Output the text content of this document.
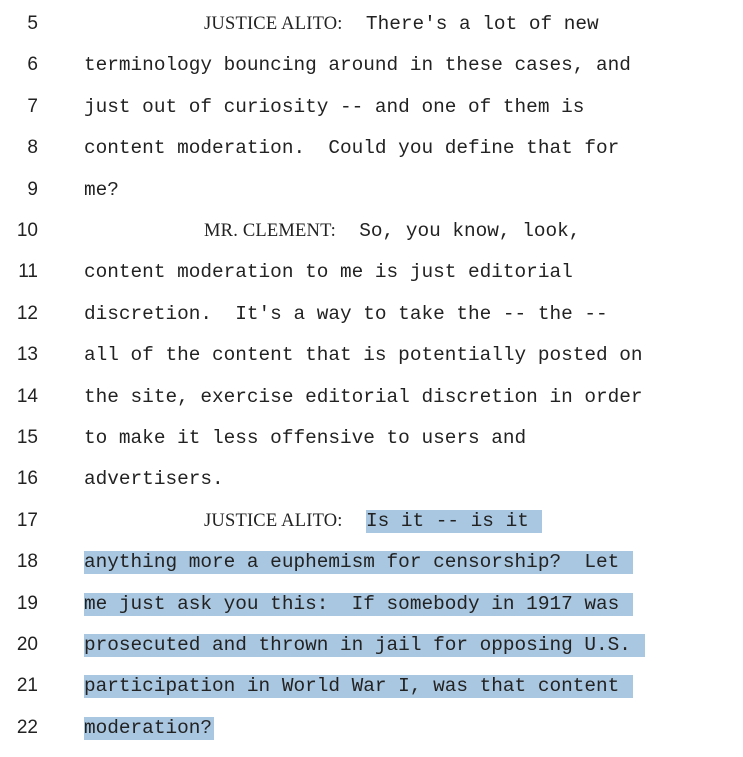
5	JUSTICE ALITO:  There's a lot of new
6 terminology bouncing around in these cases, and
7 just out of curiosity -- and one of them is
8 content moderation.  Could you define that for
9 me?
10	MR. CLEMENT:  So, you know, look,
11 content moderation to me is just editorial
12 discretion.  It's a way to take the -- the --
13 all of the content that is potentially posted on
14 the site, exercise editorial discretion in order
15 to make it less offensive to users and
16 advertisers.
17	JUSTICE ALITO: Is it -- is it
18 anything more a euphemism for censorship?  Let
19 me just ask you this:  If somebody in 1917 was
20 prosecuted and thrown in jail for opposing U.S.
21 participation in World War I, was that content
22 moderation?
